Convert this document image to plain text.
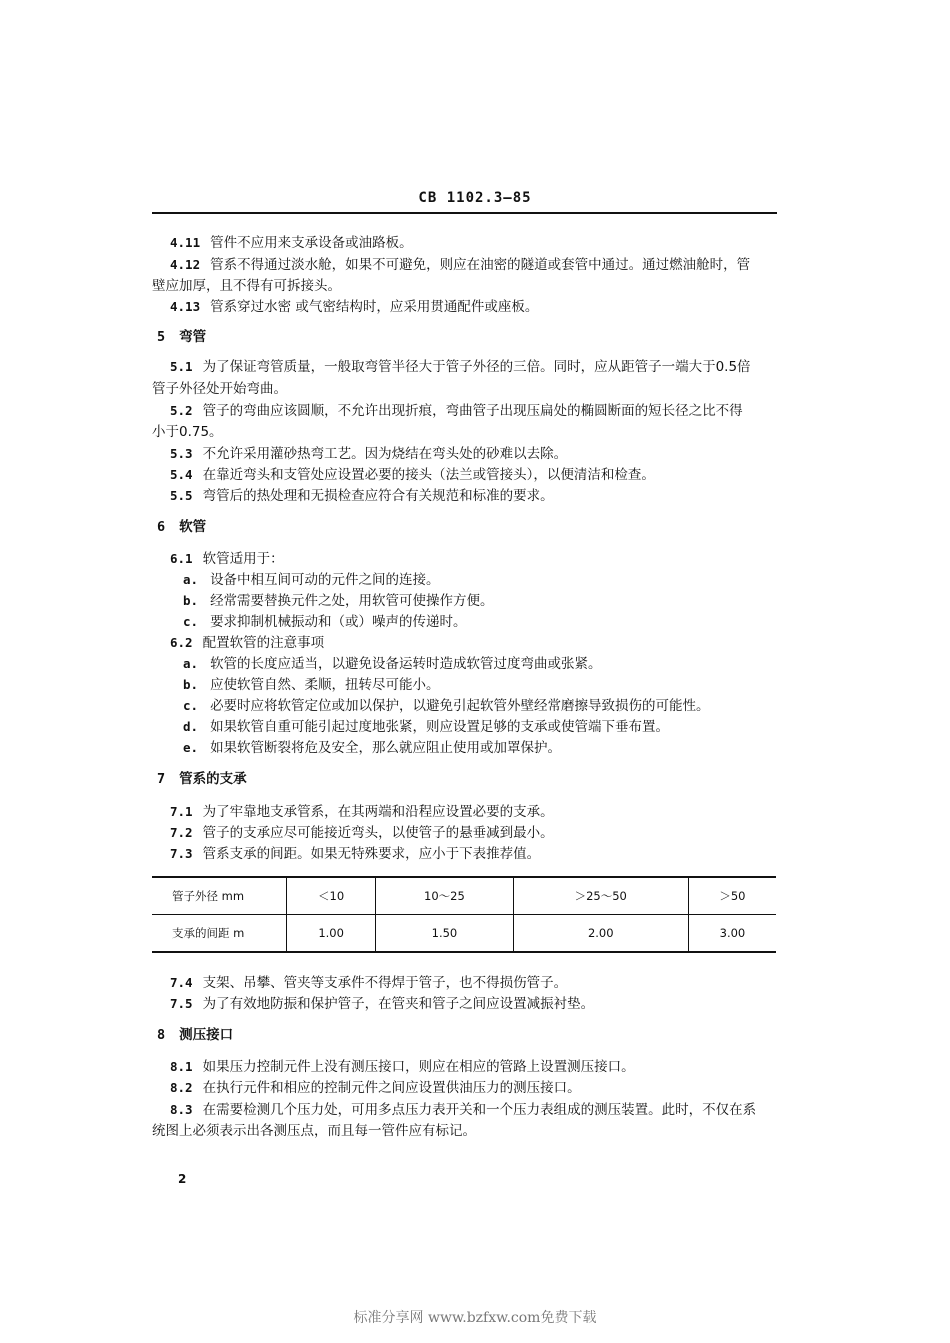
CB 1102.3—85
4.11 管件不应用来支承设备或油路板。
4.12 管系不得通过淡水舱，如果不可避免，则应在油密的隧道或套管中通过。通过燃油舱时，管
壁应加厚，且不得有可拆接头。
4.13 管系穿过水密 或气密结构时，应采用贯通配件或座板。
5 弯管
5.1 为了保证弯管质量，一般取弯管半径大于管子外径的三倍。同时，应从距管子一端大于0.5倍
管子外径处开始弯曲。
5.2 管子的弯曲应该圆顺，不允许出现折痕，弯曲管子出现压扁处的椭圆断面的短长径之比不得
小于0.75。
5.3 不允许采用灌砂热弯工艺。因为烧结在弯头处的砂难以去除。
5.4 在靠近弯头和支管处应设置必要的接头（法兰或管接头），以便清洁和检查。
5.5 弯管后的热处理和无损检查应符合有关规范和标准的要求。
6 软管
6.1 软管适用于：
a. 设备中相互间可动的元件之间的连接。
b. 经常需要替换元件之处，用软管可使操作方便。
c. 要求抑制机械振动和（或）噪声的传递时。
6.2 配置软管的注意事项
a. 软管的长度应适当，以避免设备运转时造成软管过度弯曲或张紧。
b. 应使软管自然、柔顺，扭转尽可能小。
c. 必要时应将软管定位或加以保护，以避免引起软管外壁经常磨擦导致损伤的可能性。
d. 如果软管自重可能引起过度地张紧，则应设置足够的支承或使管端下垂布置。
e. 如果软管断裂将危及安全，那么就应阻止使用或加罩保护。
7 管系的支承
7.1 为了牢靠地支承管系，在其两端和沿程应设置必要的支承。
7.2 管子的支承应尽可能接近弯头，以使管子的悬垂减到最小。
7.3 管系支承的间距。如果无特殊要求，应小于下表推荐值。
管子外径 mm	＜10	10～25	＞25～50	＞50
支承的间距 m	1.00	1.50	2.00	3.00
7.4 支架、吊攀、管夹等支承件不得焊于管子，也不得损伤管子。
7.5 为了有效地防振和保护管子，在管夹和管子之间应设置减振衬垫。
8 测压接口
8.1 如果压力控制元件上没有测压接口，则应在相应的管路上设置测压接口。
8.2 在执行元件和相应的控制元件之间应设置供油压力的测压接口。
8.3 在需要检测几个压力处，可用多点压力表开关和一个压力表组成的测压装置。此时，不仅在系
统图上必须表示出各测压点，而且每一管件应有标记。
2
标准分享网 www.bzfxw.com免费下载
